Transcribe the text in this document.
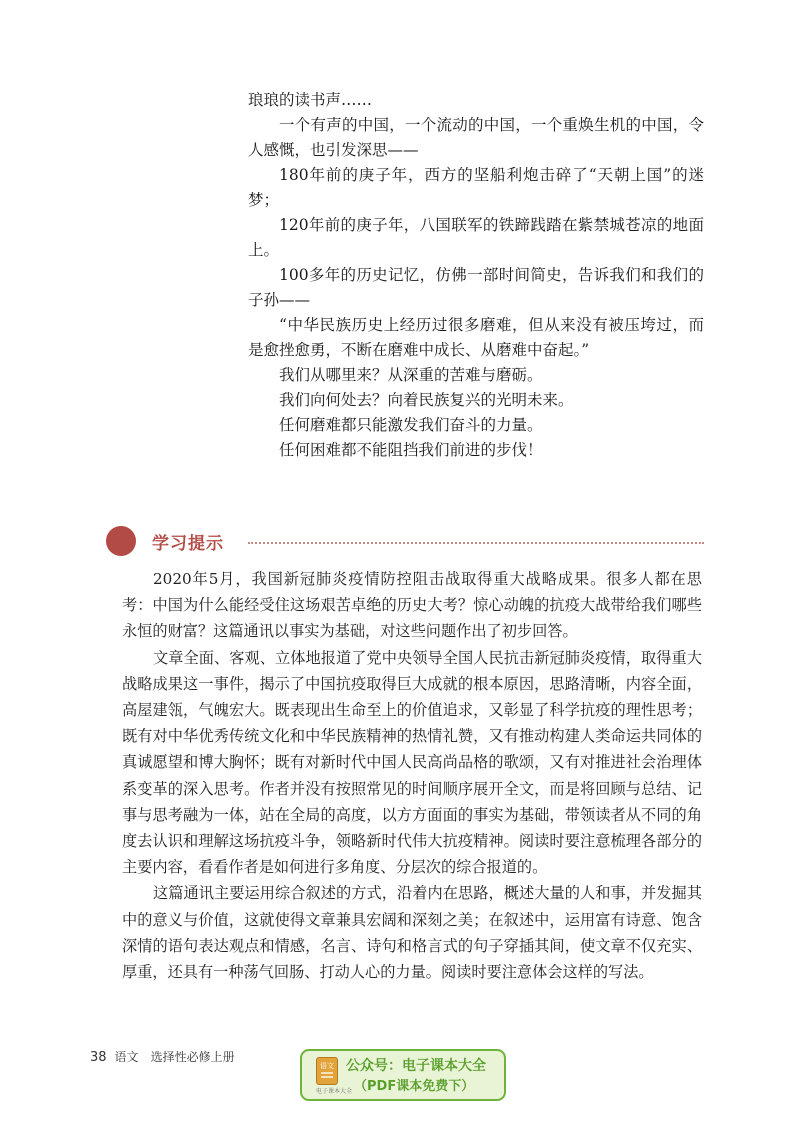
琅琅的读书声……

一个有声的中国，一个流动的中国，一个重焕生机的中国，令人感慨，也引发深思——

180年前的庚子年，西方的坚船利炮击碎了“天朝上国”的迷梦；

120年前的庚子年，八国联军的铁蹄践踏在紫禁城苍凉的地面上。

100多年的历史记忆，仿佛一部时间简史，告诉我们和我们的子孙——

“中华民族历史上经历过很多磨难，但从来没有被压垮过，而是愈挫愈勇，不断在磨难中成长、从磨难中奋起。”

我们从哪里来？从深重的苦难与磨砺。

我们向何处去？向着民族复兴的光明未来。

任何磨难都只能激发我们奋斗的力量。

任何困难都不能阻挡我们前进的步伐！

学习提示

2020年5月，我国新冠肺炎疫情防控阻击战取得重大战略成果。很多人都在思考：中国为什么能经受住这场艰苦卓绝的历史大考？惊心动魄的抗疫大战带给我们哪些永恒的财富？这篇通讯以事实为基础，对这些问题作出了初步回答。

文章全面、客观、立体地报道了党中央领导全国人民抗击新冠肺炎疫情，取得重大战略成果这一事件，揭示了中国抗疫取得巨大成就的根本原因，思路清晰，内容全面，高屋建瓴，气魄宏大。既表现出生命至上的价值追求，又彰显了科学抗疫的理性思考；既有对中华优秀传统文化和中华民族精神的热情礼赞，又有推动构建人类命运共同体的真诚愿望和博大胸怀；既有对新时代中国人民高尚品格的歌颂，又有对推进社会治理体系变革的深入思考。作者并没有按照常见的时间顺序展开全文，而是将回顾与总结、记事与思考融为一体，站在全局的高度，以方方面面的事实为基础，带领读者从不同的角度去认识和理解这场抗疫斗争，领略新时代伟大抗疫精神。阅读时要注意梳理各部分的主要内容，看看作者是如何进行多角度、分层次的综合报道的。

这篇通讯主要运用综合叙述的方式，沿着内在思路，概述大量的人和事，并发掘其中的意义与价值，这就使得文章兼具宏阔和深刻之美；在叙述中，运用富有诗意、饱含深情的语句表达观点和情感，名言、诗句和格言式的句子穿插其间，使文章不仅充实、厚重，还具有一种荡气回肠、打动人心的力量。阅读时要注意体会这样的写法。

38 语文 选择性必修上册
语文 公众号：电子课本大全
（PDF课本免费下）
电子课本大全
